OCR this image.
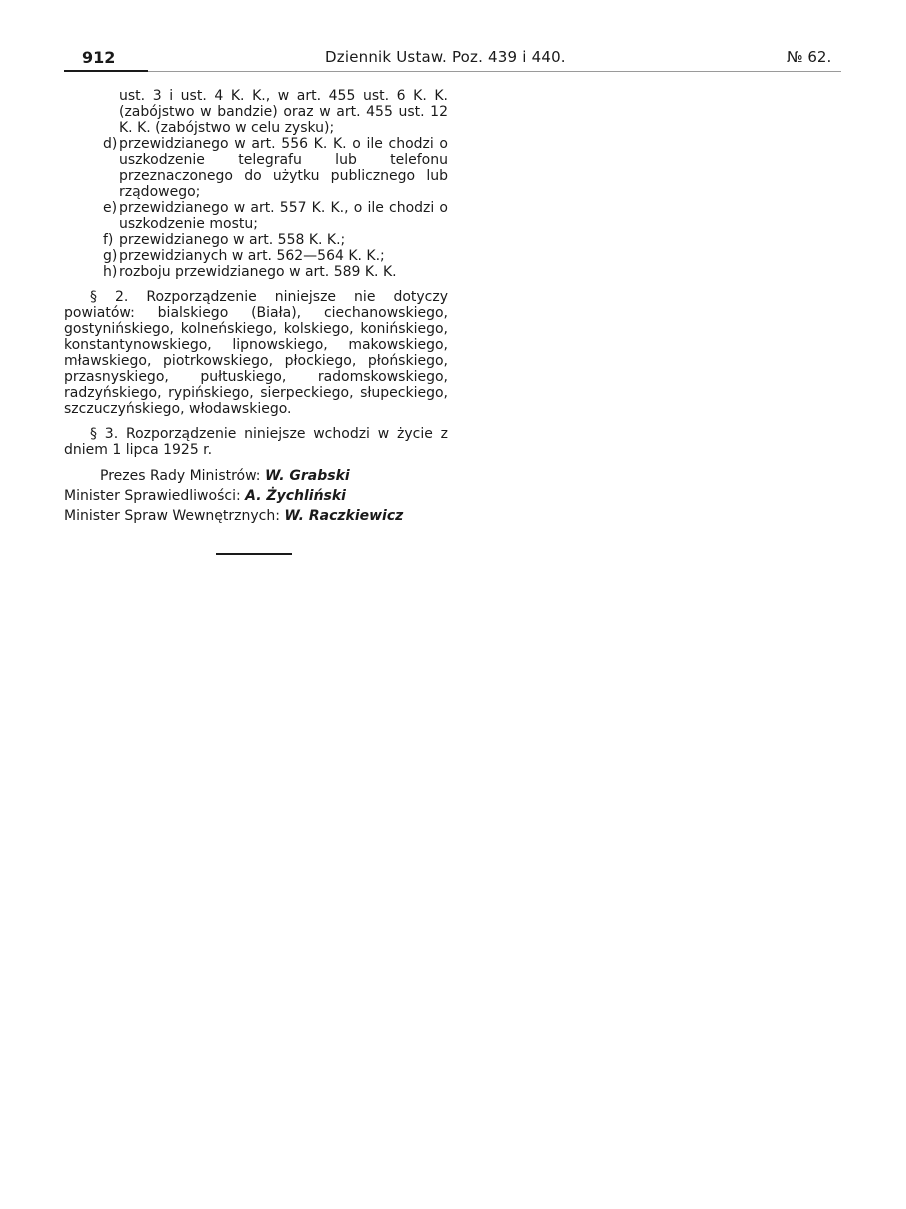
912	Dziennik Ustaw. Poz. 439 i 440.	№ 62.
ust. 3 i ust. 4 K. K., w art. 455 ust. 6 K. K. (zabójstwo w bandzie) oraz w art. 455 ust. 12 K. K. (zabójstwo w celu zysku);
d) przewidzianego w art. 556 K. K. o ile chodzi o uszkodzenie telegrafu lub telefonu przeznaczonego do użytku publicznego lub rządowego;
e) przewidzianego w art. 557 K. K., o ile chodzi o uszkodzenie mostu;
f) przewidzianego w art. 558 K. K.;
g) przewidzianych w art. 562—564 K. K.;
h) rozboju przewidzianego w art. 589 K. K.
§ 2. Rozporządzenie niniejsze nie dotyczy powiatów: bialskiego (Biała), ciechanowskiego, gostynińskiego, kolneńskiego, kolskiego, konińskiego, konstantynowskiego, lipnowskiego, makowskiego, mławskiego, piotrkowskiego, płockiego, płońskiego, przasnyskiego, pułtuskiego, radomskowskiego, radzyńskiego, rypińskiego, sierpeckiego, słupeckiego, szczuczyńskiego, włodawskiego.
§ 3. Rozporządzenie niniejsze wchodzi w życie z dniem 1 lipca 1925 r.
Prezes Rady Ministrów: W. Grabski
Minister Sprawiedliwości: A. Żychliński
Minister Spraw Wewnętrznych: W. Raczkiewicz
